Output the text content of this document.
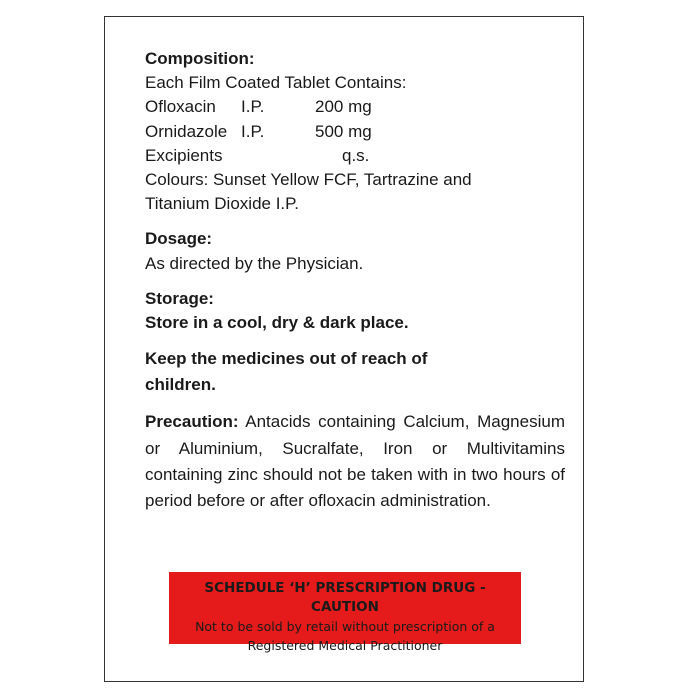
Composition:

Each Film Coated Tablet Contains:

Ofloxacin	I.P.	200 mg
Ornidazole I.P.	500 mg
Excipients	q.s.

Colours: Sunset Yellow FCF, Tartrazine and

Titanium Dioxide I.P.

Dosage:

As directed by the Physician.

Storage:

Store in a cool, dry & dark place.

Keep the medicines out of reach of children.

Precaution: Antacids containing Calcium, Magnesium or Aluminium, Sucralfate, Iron or Multivitamins containing zinc should not be taken with in two hours of period before or after ofloxacin administration.

SCHEDULE ‘H’ PRESCRIPTION DRUG - CAUTION
Not to be sold by retail without prescription of a
Registered Medical Practitioner
